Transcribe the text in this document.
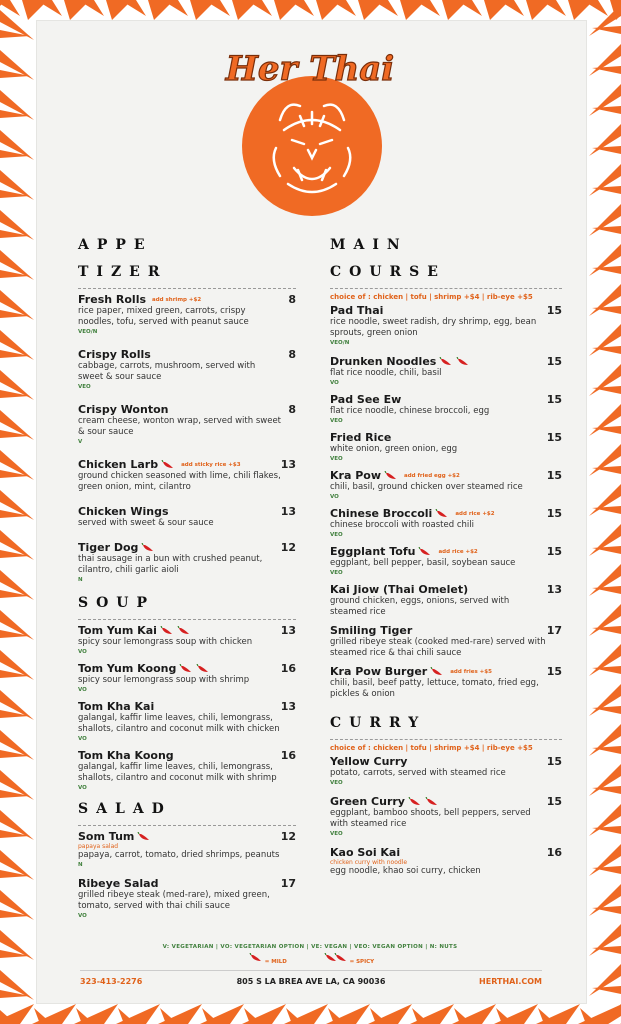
Her Thai
APPE
TIZER
Fresh Rolls add shrimp +$2	8
rice paper, mixed green, carrots, crispy noodles, tofu, served with peanut sauce
VEO/N
Crispy Rolls	8
cabbage, carrots, mushroom, served with sweet & sour sauce
VEO
Crispy Wonton	8
cream cheese, wonton wrap, served with sweet & sour sauce
V
Chicken Larb	add sticky rice +$3	13
ground chicken seasoned with lime, chili flakes, green onion, mint, cilantro
Chicken Wings	13
served with sweet & sour sauce
Tiger Dog	12
thai sausage in a bun with crushed peanut, cilantro, chili garlic aioli
N
SOUP
Tom Yum Kai	13
spicy sour lemongrass soup with chicken
VO
Tom Yum Koong	16
spicy sour lemongrass soup with shrimp
VO
Tom Kha Kai	13
galangal, kaffir lime leaves, chili, lemongrass, shallots, cilantro and coconut milk with chicken
VO
Tom Kha Koong	16
galangal, kaffir lime leaves, chili, lemongrass, shallots, cilantro and coconut milk with shrimp
VO
SALAD
Som Tum	12
papaya salad
papaya, carrot, tomato, dried shrimps, peanuts
N
Ribeye Salad	17
grilled ribeye steak (med-rare), mixed green, tomato, served with thai chili sauce
VO
MAIN
COURSE
choice of : chicken | tofu | shrimp +$4 | rib-eye +$5
Pad Thai	15
rice noodle, sweet radish, dry shrimp, egg, bean sprouts, green onion
VEO/N
Drunken Noodles	15
flat rice noodle, chili, basil
VO
Pad See Ew	15
flat rice noodle, chinese broccoli, egg
VEO
Fried Rice	15
white onion, green onion, egg
VEO
Kra Pow	add fried egg +$2	15
chili, basil, ground chicken over steamed rice
VO
Chinese Broccoli	add rice +$2	15
chinese broccoli with roasted chili
VEO
Eggplant Tofu	add rice +$2	15
eggplant, bell pepper, basil, soybean sauce
VEO
Kai Jiow (Thai Omelet)	13
ground chicken, eggs, onions, served with steamed rice
Smiling Tiger	17
grilled ribeye steak (cooked med-rare) served with steamed rice & thai chili sauce
Kra Pow Burger	add fries +$5	15
chili, basil, beef patty, lettuce, tomato, fried egg, pickles & onion
CURRY
choice of : chicken | tofu | shrimp +$4 | rib-eye +$5
Yellow Curry	15
potato, carrots, served with steamed rice
VEO
Green Curry	15
eggplant, bamboo shoots, bell peppers, served with steamed rice
VEO
Kao Soi Kai	16
chicken curry with noodle
egg noodle, khao soi curry, chicken
V: VEGETARIAN | VO: VEGETARIAN OPTION | VE: VEGAN | VEO: VEGAN OPTION | N: NUTS
= MILD	= SPICY
323-413-2276	805 S LA BREA AVE LA, CA 90036	HERTHAI.COM
